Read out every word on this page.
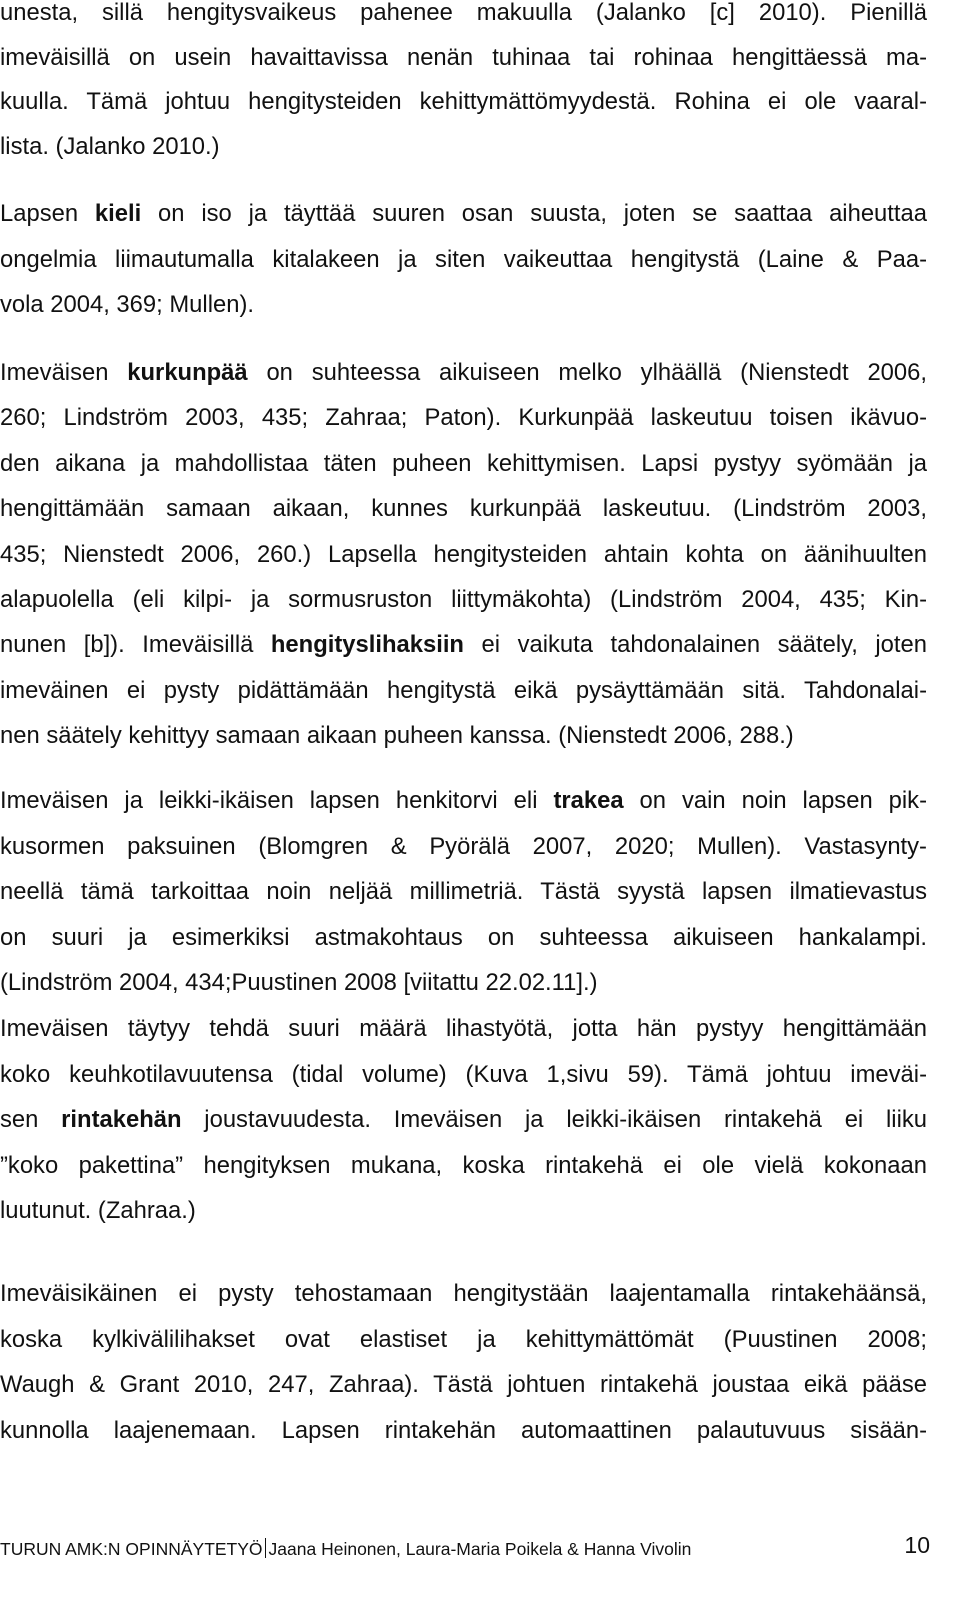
unesta, sillä hengitysvaikeus pahenee makuulla (Jalanko [c] 2010). Pienillä
imeväisillä on usein havaittavissa nenän tuhinaa tai rohinaa hengittäessä ma-
kuulla. Tämä johtuu hengitysteiden kehittymättömyydestä. Rohina ei ole vaaral-
lista. (Jalanko 2010.)
Lapsen kieli on iso ja täyttää suuren osan suusta, joten se saattaa aiheuttaa
ongelmia liimautumalla kitalakeen ja siten vaikeuttaa hengitystä (Laine & Paa-
vola 2004, 369; Mullen).
Imeväisen kurkunpää on suhteessa aikuiseen melko ylhäällä (Nienstedt 2006,
260; Lindström 2003, 435; Zahraa; Paton). Kurkunpää laskeutuu toisen ikävuo-
den aikana ja mahdollistaa täten puheen kehittymisen. Lapsi pystyy syömään ja
hengittämään samaan aikaan, kunnes kurkunpää laskeutuu. (Lindström 2003,
435; Nienstedt 2006, 260.) Lapsella hengitysteiden ahtain kohta on äänihuulten
alapuolella (eli kilpi- ja sormusruston liittymäkohta) (Lindström 2004, 435; Kin-
nunen [b]). Imeväisillä hengityslihaksiin ei vaikuta tahdonalainen säätely, joten
imeväinen ei pysty pidättämään hengitystä eikä pysäyttämään sitä. Tahdonalai-
nen säätely kehittyy samaan aikaan puheen kanssa. (Nienstedt 2006, 288.)
Imeväisen ja leikki-ikäisen lapsen henkitorvi eli trakea on vain noin lapsen pik-
kusormen paksuinen (Blomgren & Pyörälä 2007, 2020; Mullen). Vastasynty-
neellä tämä tarkoittaa noin neljää millimetriä. Tästä syystä lapsen ilmatievastus
on suuri ja esimerkiksi astmakohtaus on suhteessa aikuiseen hankalampi.
(Lindström 2004, 434;Puustinen 2008 [viitattu 22.02.11].)
Imeväisen täytyy tehdä suuri määrä lihastyötä, jotta hän pystyy hengittämään
koko keuhkotilavuutensa (tidal volume) (Kuva 1,sivu 59). Tämä johtuu imeväi-
sen rintakehän joustavuudesta. Imeväisen ja leikki-ikäisen rintakehä ei liiku
”koko pakettina” hengityksen mukana, koska rintakehä ei ole vielä kokonaan
luutunut. (Zahraa.)
Imeväisikäinen ei pysty tehostamaan hengitystään laajentamalla rintakehäänsä,
koska kylkivälilihakset ovat elastiset ja kehittymättömät (Puustinen 2008;
Waugh & Grant 2010, 247, Zahraa). Tästä johtuen rintakehä joustaa eikä pääse
kunnolla laajenemaan. Lapsen rintakehän automaattinen palautuvuus sisään-
TURUN AMK:N OPINNÄYTETYÖ Jaana Heinonen, Laura-Maria Poikela & Hanna Vivolin	10
